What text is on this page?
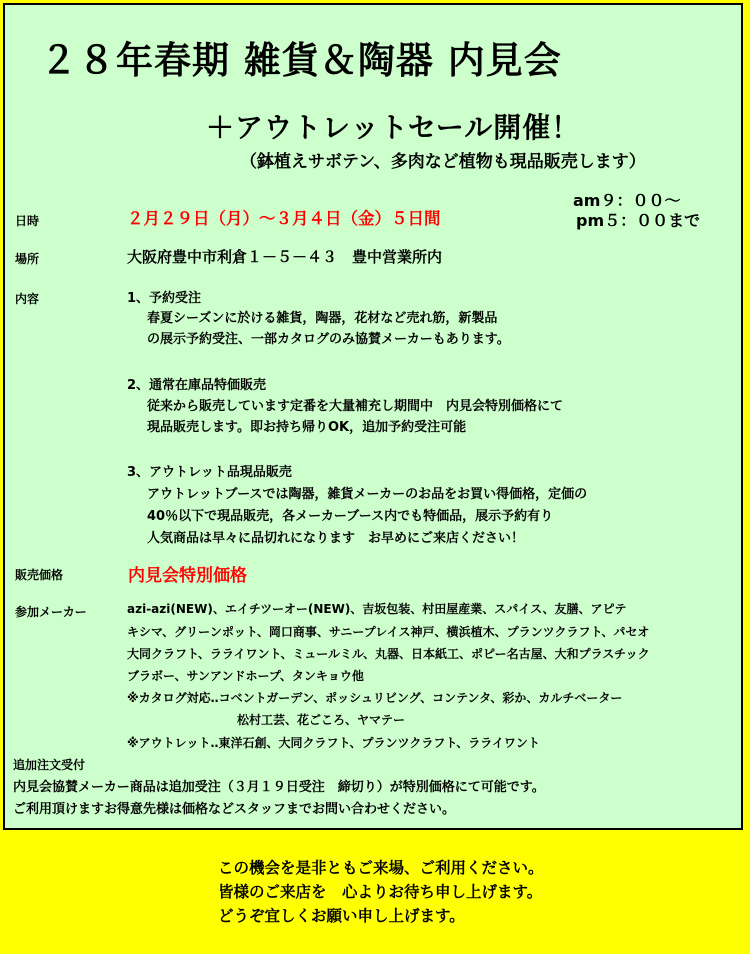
２８年春期 雑貨＆陶器 内見会
＋アウトレットセール開催！
（鉢植えサボテン、多肉など植物も現品販売します）
日時	２月２９日（月）～３月４日（金）５日間
am９：００～
pm５：００まで
場所	大阪府豊中市利倉１－５－４３　豊中営業所内
内容	1、予約受注
春夏シーズンに於ける雑貨，陶器，花材など売れ筋，新製品
の展示予約受注、一部カタログのみ協賛メーカーもあります。
2、通常在庫品特価販売
従来から販売しています定番を大量補充し期間中　内見会特別価格にて
現品販売します。即お持ち帰りOK，追加予約受注可能
3、アウトレット品現品販売
アウトレットブースでは陶器，雑貨メーカーのお品をお買い得価格，定価の
40％以下で現品販売，各メーカーブース内でも特価品，展示予約有り
人気商品は早々に品切れになります　お早めにご来店ください！
販売価格	内見会特別価格
参加メーカー	azi-azi(NEW)、エイチツーオー(NEW)、吉坂包装、村田屋産業、スパイス、友膳、アピテ
キシマ、グリーンポット、岡口商事、サニープレイス神戸、横浜植木、プランツクラフト、パセオ
大同クラフト、ラライワント、ミュールミル、丸器、日本紙工、ポピー名古屋、大和プラスチック
ブラボー、サンアンドホープ、タンキョウ他
※カタログ対応‥コベントガーデン、ポッシュリビング、コンテンタ、彩か、カルチベーター
松村工芸、花ごころ、ヤマテー
※アウトレット‥東洋石創、大同クラフト、プランツクラフト、ラライワント
追加注文受付
内見会協賛メーカー商品は追加受注（３月１９日受注　締切り）が特別価格にて可能です。
ご利用頂けますお得意先様は価格などスタッフまでお問い合わせください。
この機会を是非ともご来場、ご利用ください。
皆様のご来店を　心よりお待ち申し上げます。
どうぞ宜しくお願い申し上げます。
